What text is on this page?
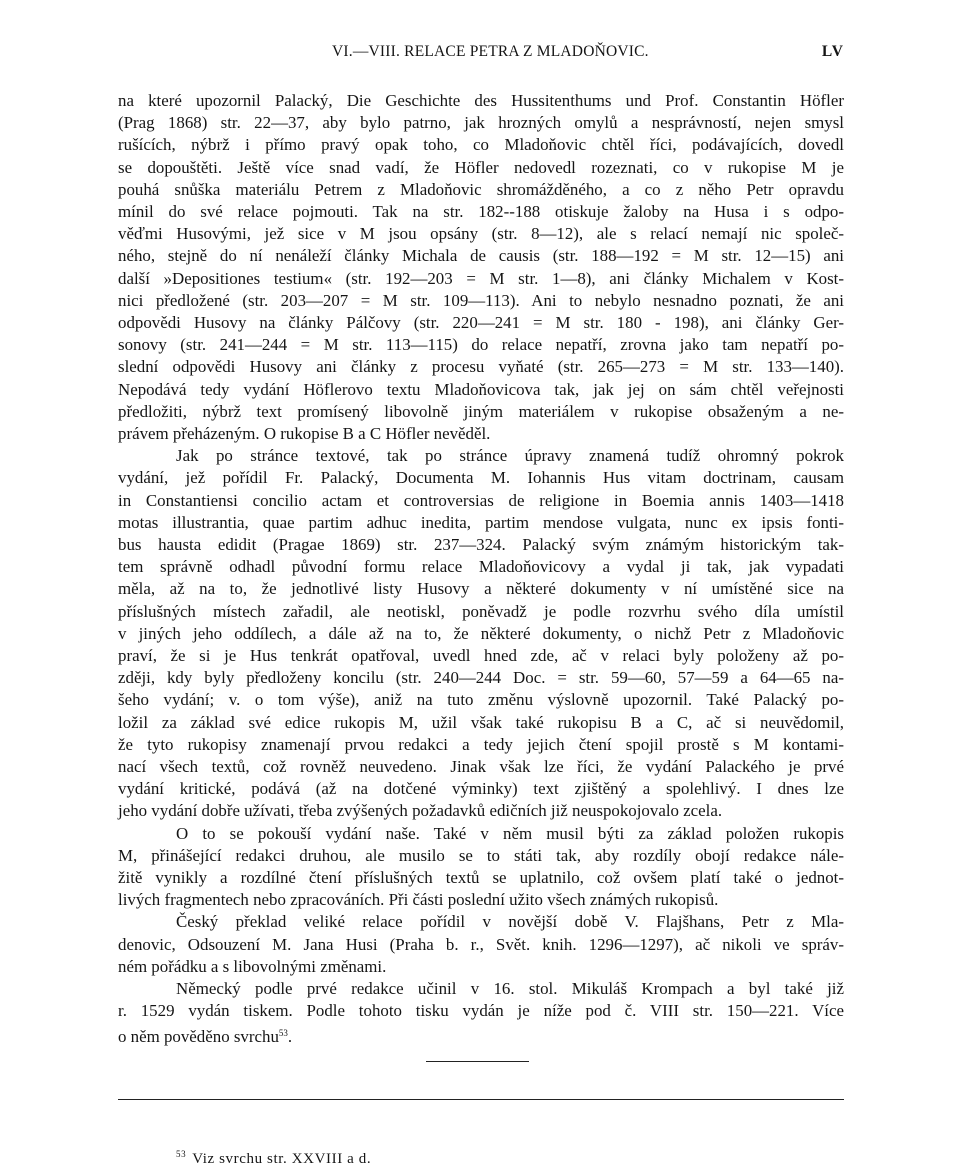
VI.—VIII. RELACE PETRA Z MLADOŇOVIC.	LV
na které upozornil Palacký, Die Geschichte des Hussitenthums und Prof. Constantin Höfler
(Prag 1868) str. 22—37, aby bylo patrno, jak hrozných omylů a nesprávností, nejen smysl
rušících, nýbrž i přímo pravý opak toho, co Mladoňovic chtěl říci, podávajících, dovedl
se dopouštěti. Ještě více snad vadí, že Höfler nedovedl rozeznati, co v rukopise M je
pouhá snůška materiálu Petrem z Mladoňovic shromážděného, a co z něho Petr opravdu
mínil do své relace pojmouti. Tak na str. 182--188 otiskuje žaloby na Husa i s odpo-
věďmi Husovými, jež sice v M jsou opsány (str. 8—12), ale s relací nemají nic společ-
ného, stejně do ní nenáleží články Michala de causis (str. 188—192 = M str. 12—15) ani
další »Depositiones testium« (str. 192—203 = M str. 1—8), ani články Michalem v Kost-
nici předložené (str. 203—207 = M str. 109—113). Ani to nebylo nesnadno poznati, že ani
odpovědi Husovy na články Pálčovy (str. 220—241 = M str. 180 - 198), ani články Ger-
sonovy (str. 241—244 = M str. 113—115) do relace nepatří, zrovna jako tam nepatří po-
slední odpovědi Husovy ani články z procesu vyňaté (str. 265—273 = M str. 133—140).
Nepodává tedy vydání Höflerovo textu Mladoňovicova tak, jak jej on sám chtěl veřejnosti
předložiti, nýbrž text promísený libovolně jiným materiálem v rukopise obsaženým a ne-
právem přeházeným. O rukopise B a C Höfler nevěděl.
Jak po stránce textové, tak po stránce úpravy znamená tudíž ohromný pokrok
vydání, jež pořídil Fr. Palacký, Documenta M. Iohannis Hus vitam doctrinam, causam
in Constantiensi concilio actam et controversias de religione in Boemia annis 1403—1418
motas illustrantia, quae partim adhuc inedita, partim mendose vulgata, nunc ex ipsis fonti-
bus hausta edidit (Pragae 1869) str. 237—324. Palacký svým známým historickým tak-
tem správně odhadl původní formu relace Mladoňovicovy a vydal ji tak, jak vypadati
měla, až na to, že jednotlivé listy Husovy a některé dokumenty v ní umístěné sice na
příslušných místech zařadil, ale neotiskl, poněvadž je podle rozvrhu svého díla umístil
v jiných jeho oddílech, a dále až na to, že některé dokumenty, o nichž Petr z Mladoňovic
praví, že si je Hus tenkrát opatřoval, uvedl hned zde, ač v relaci byly položeny až po-
zději, kdy byly předloženy koncilu (str. 240—244 Doc. = str. 59—60, 57—59 a 64—65 na-
šeho vydání; v. o tom výše), aniž na tuto změnu výslovně upozornil. Také Palacký po-
ložil za základ své edice rukopis M, užil však také rukopisu B a C, ač si neuvědomil,
že tyto rukopisy znamenají prvou redakci a tedy jejich čtení spojil prostě s M kontami-
nací všech textů, což rovněž neuvedeno. Jinak však lze říci, že vydání Palackého je prvé
vydání kritické, podává (až na dotčené výminky) text zjištěný a spolehlivý. I dnes lze
jeho vydání dobře užívati, třeba zvýšených požadavků edičních již neuspokojovalo zcela.
O to se pokouší vydání naše. Také v něm musil býti za základ položen rukopis
M, přinášející redakci druhou, ale musilo se to státi tak, aby rozdíly obojí redakce nále-
žitě vynikly a rozdílné čtení příslušných textů se uplatnilo, což ovšem platí také o jednot-
livých fragmentech nebo zpracováních. Při části poslední užito všech známých rukopisů.
Český překlad veliké relace pořídil v novější době V. Flajšhans, Petr z Mla-
denovic, Odsouzení M. Jana Husi (Praha b. r., Svět. knih. 1296—1297), ač nikoli ve správ-
ném pořádku a s libovolnými změnami.
Německý podle prvé redakce učinil v 16. stol. Mikuláš Krompach a byl také již
r. 1529 vydán tiskem. Podle tohoto tisku vydán je níže pod č. VIII str. 150—221. Více
o něm pověděno svrchu$^{53}$.
$^{53}$ Viz svrchu str. XXVIII a d.
